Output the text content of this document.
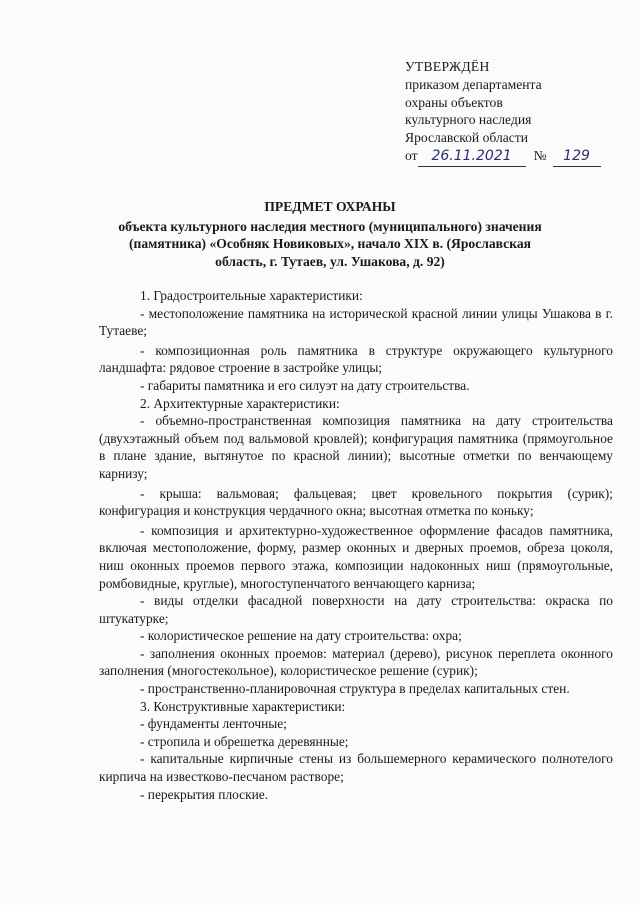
УТВЕРЖДЁН
приказом департамента
охраны объектов
культурного наследия
Ярославской области
от 26.11.2021	№	129
ПРЕДМЕТ ОХРАНЫ
объекта культурного наследия местного (муниципального) значения
(памятника) «Особняк Новиковых», начало XIX в. (Ярославская
область, г. Тутаев, ул. Ушакова, д. 92)

1. Градостроительные характеристики:

- местоположение памятника на исторической красной линии улицы Ушакова в г. Тутаеве;

- композиционная роль памятника в структуре окружающего культурного ландшафта: рядовое строение в застройке улицы;

- габариты памятника и его силуэт на дату строительства.

2. Архитектурные характеристики:

- объемно-пространственная композиция памятника на дату строительства (двухэтажный объем под вальмовой кровлей); конфигурация памятника (прямоугольное в плане здание, вытянутое по красной линии); высотные отметки по венчающему карнизу;

- крыша: вальмовая; фальцевая; цвет кровельного покрытия (сурик); конфигурация и конструкция чердачного окна; высотная отметка по коньку;

- композиция и архитектурно-художественное оформление фасадов памятника, включая местоположение, форму, размер оконных и дверных проемов, обреза цоколя, ниш оконных проемов первого этажа, композиции надоконных ниш (прямоугольные, ромбовидные, круглые), многоступенчатого венчающего карниза;

- виды отделки фасадной поверхности на дату строительства: окраска по штукатурке;

- колористическое решение на дату строительства: охра;

- заполнения оконных проемов: материал (дерево), рисунок переплета оконного заполнения (многостекольное), колористическое решение (сурик);

- пространственно-планировочная структура в пределах капитальных стен.

3. Конструктивные характеристики:

- фундаменты ленточные;

- стропила и обрешетка деревянные;

- капитальные кирпичные стены из большемерного керамического полнотелого кирпича на известково-песчаном растворе;

- перекрытия плоские.
